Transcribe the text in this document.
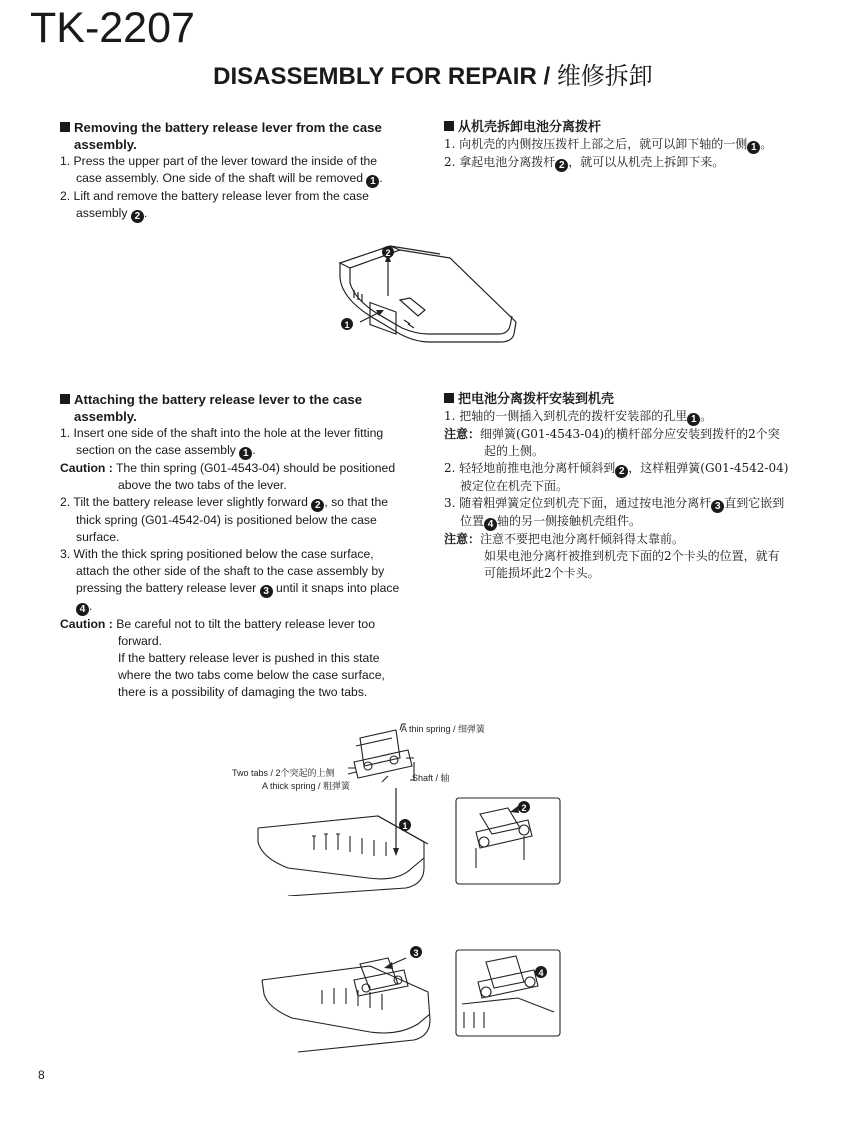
TK-2207
DISASSEMBLY FOR REPAIR / 维修拆卸
Removing the battery release lever from the case
assembly.
1. Press the upper part of the lever toward the inside of the case assembly. One side of the shaft will be removed 1 .
2. Lift and remove the battery release lever from the case assembly 2 .
从机壳拆卸电池分离拨杆
1. 向机壳的内侧按压拨杆上部之后，就可以卸下轴的一侧 1 。
2. 拿起电池分离拨杆 2 ，就可以从机壳上拆卸下来。
2
1
Attaching the battery release lever to the case
assembly.
1. Insert one side of the shaft into the hole at the lever fitting section on the case assembly 1 .
Caution : The thin spring (G01-4543-04) should be positioned above the two tabs of the lever.
2. Tilt the battery release lever slightly forward 2 , so that the thick spring (G01-4542-04) is positioned below the case surface.
3. With the thick spring positioned below the case surface, attach the other side of the shaft to the case assembly by pressing the battery release lever 3 until it snaps into place 4 .
Caution : Be careful not to tilt the battery release lever too forward.
If the battery release lever is pushed in this state where the two tabs come below the case surface, there is a possibility of damaging the two tabs.
把电池分离拨杆安装到机壳
1. 把轴的一侧插入到机壳的拨杆安装部的孔里 1 。
注意：细弹簧(G01-4543-04)的横杆部分应安装到拨杆的2个突起的上侧。
2. 轻轻地前推电池分离杆倾斜到 2 ，这样粗弹簧(G01-4542-04)被定位在机壳下面。
3. 随着粗弹簧定位到机壳下面，通过按电池分离杆 3 直到它嵌到位置 4 轴的另一侧接触机壳组件。
注意：注意不要把电池分离杆倾斜得太靠前。
如果电池分离杆被推到机壳下面的2个卡头的位置，就有可能损坏此2个卡头。
A thin spring / 细弹簧
Two tabs / 2个突起的上侧
A thick spring / 粗弹簧
Shaft / 轴
1
2
3
4
8
